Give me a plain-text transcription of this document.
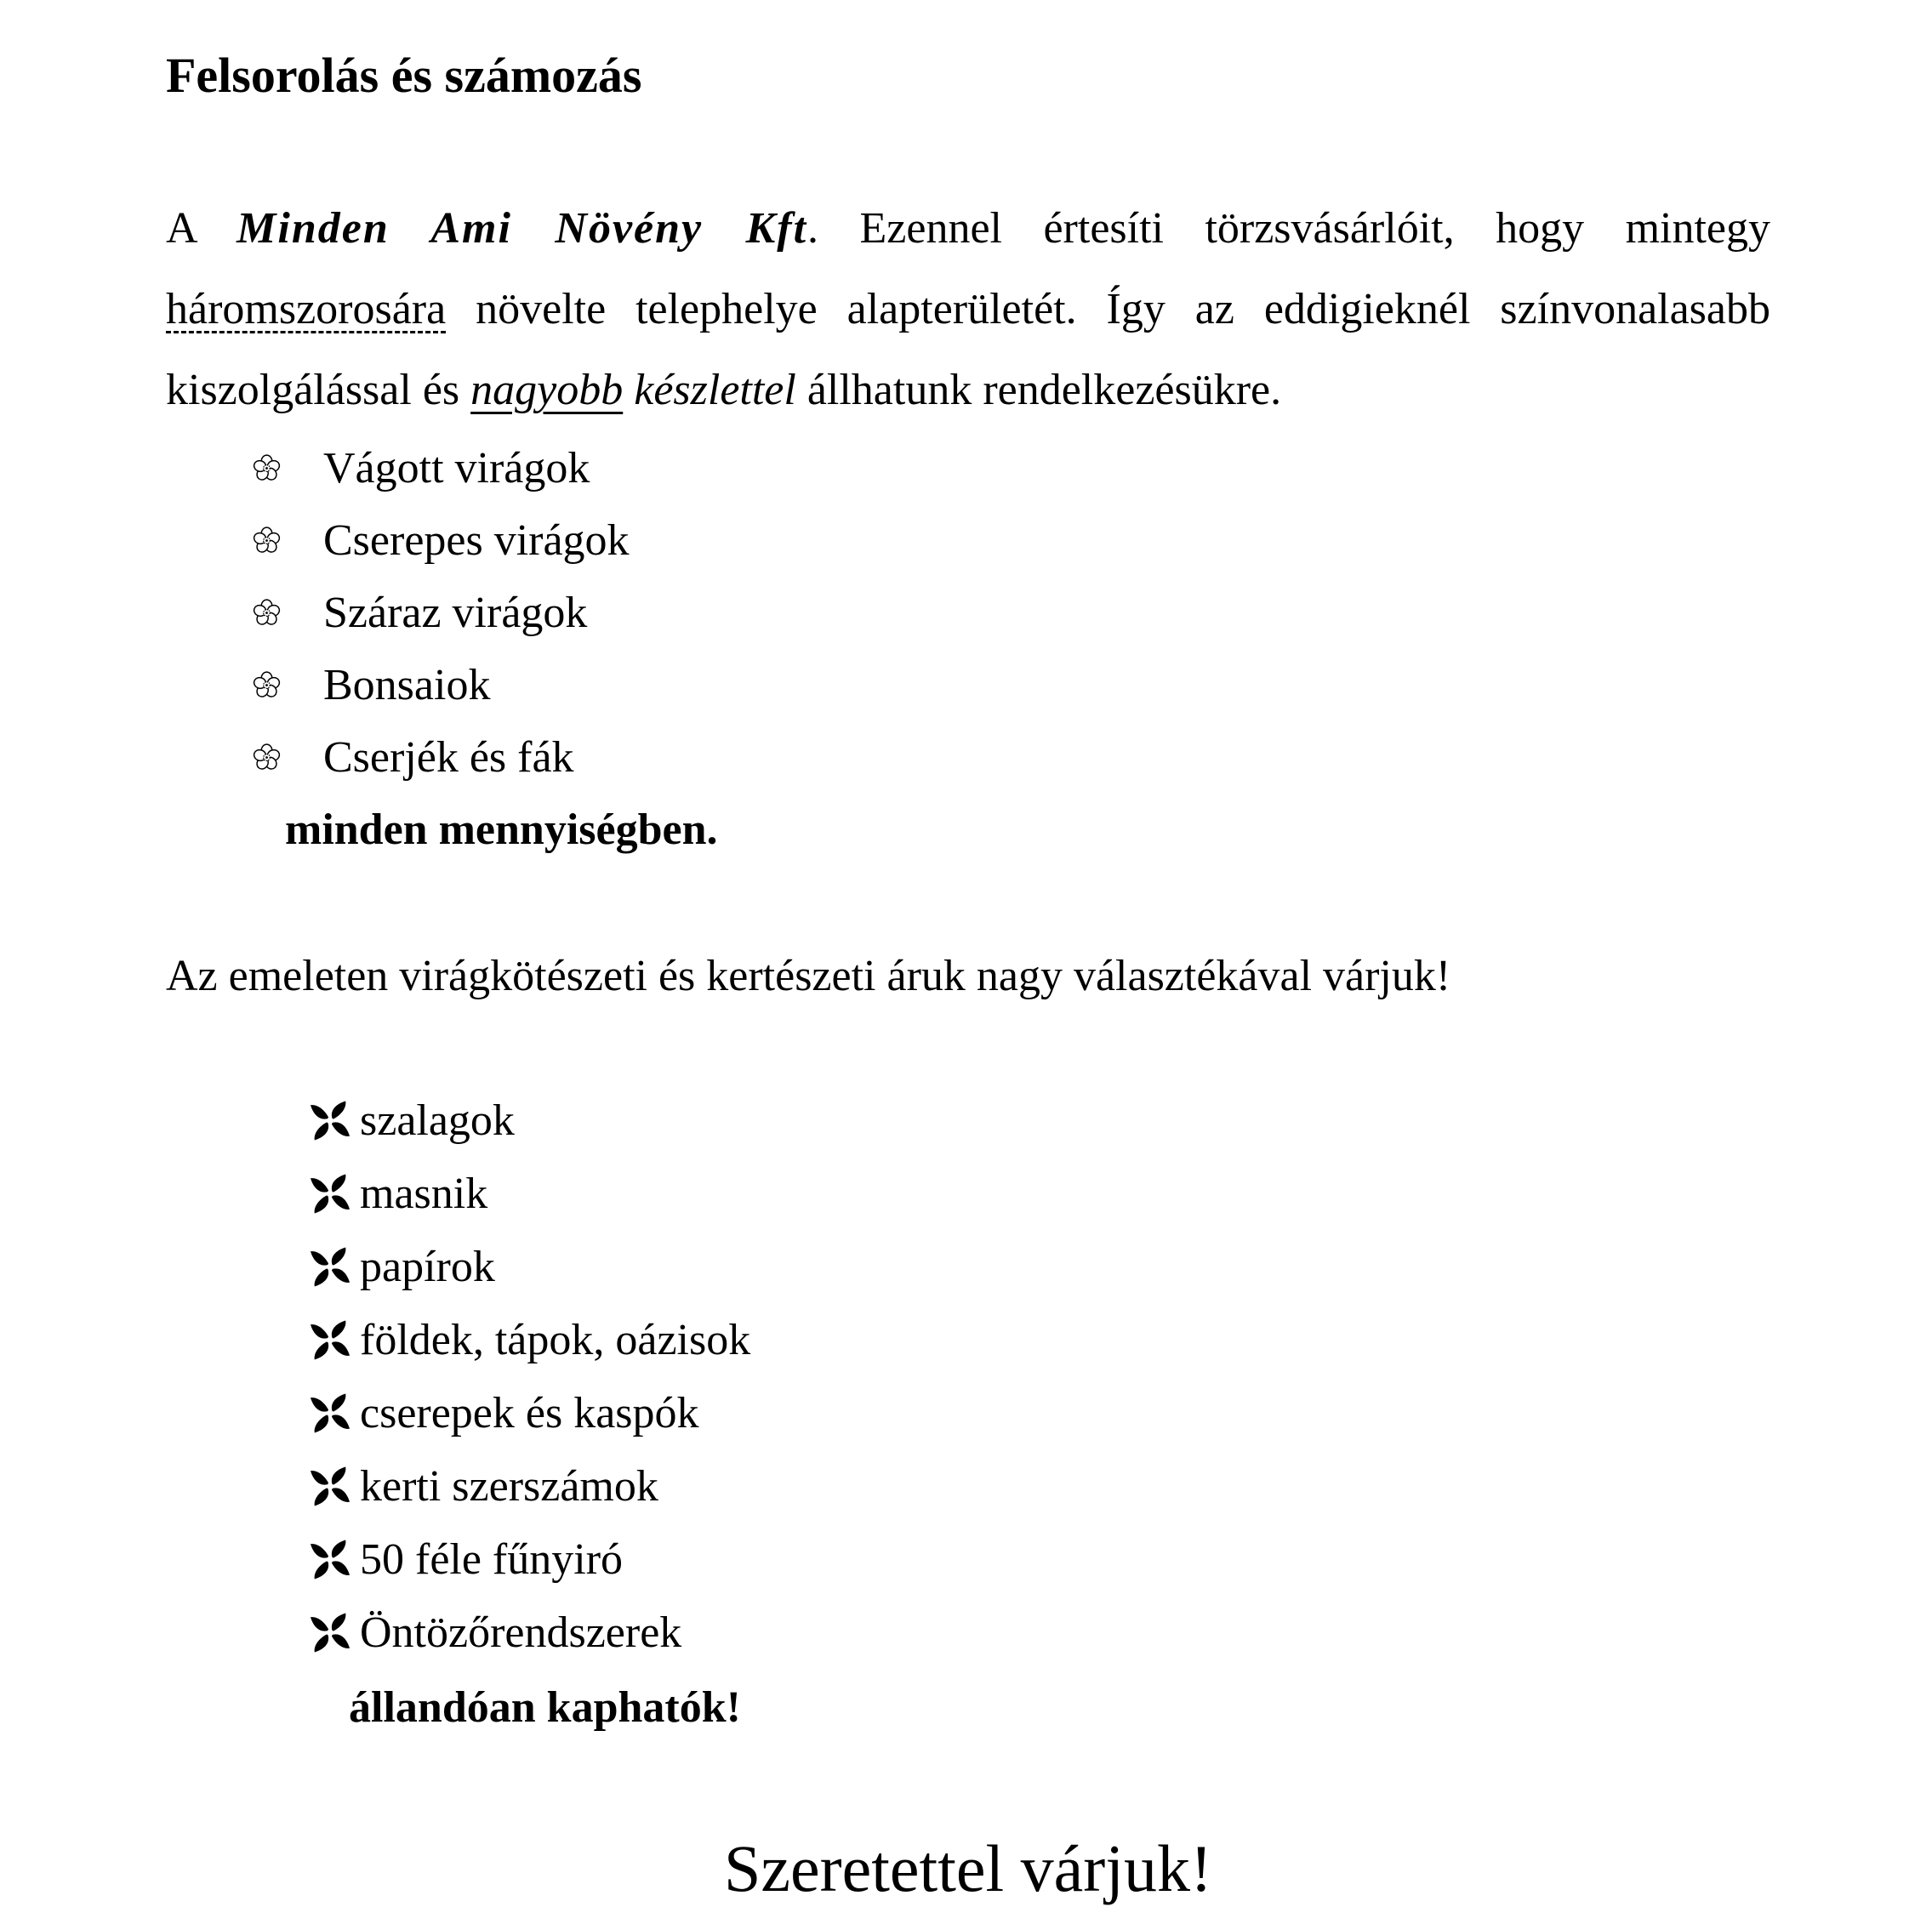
Felsorolás és számozás

A Minden Ami Növény Kft. Ezennel értesíti törzsvásárlóit, hogy mintegy háromszorosára növelte telephelye alapterületét. Így az eddigieknél színvonalasabb kiszolgálással és nagyobb készlettel állhatunk rendelkezésükre.

Vágott virágok
Cserepes virágok
Száraz virágok
Bonsaiok
Cserjék és fák

minden mennyiségben.

Az emeleten virágkötészeti és kertészeti áruk nagy választékával várjuk!

szalagok
masnik
papírok
földek, tápok, oázisok
cserepek és kaspók
kerti szerszámok
50 féle fűnyiró
Öntözőrendszerek

állandóan kaphatók!

Szeretettel várjuk!
